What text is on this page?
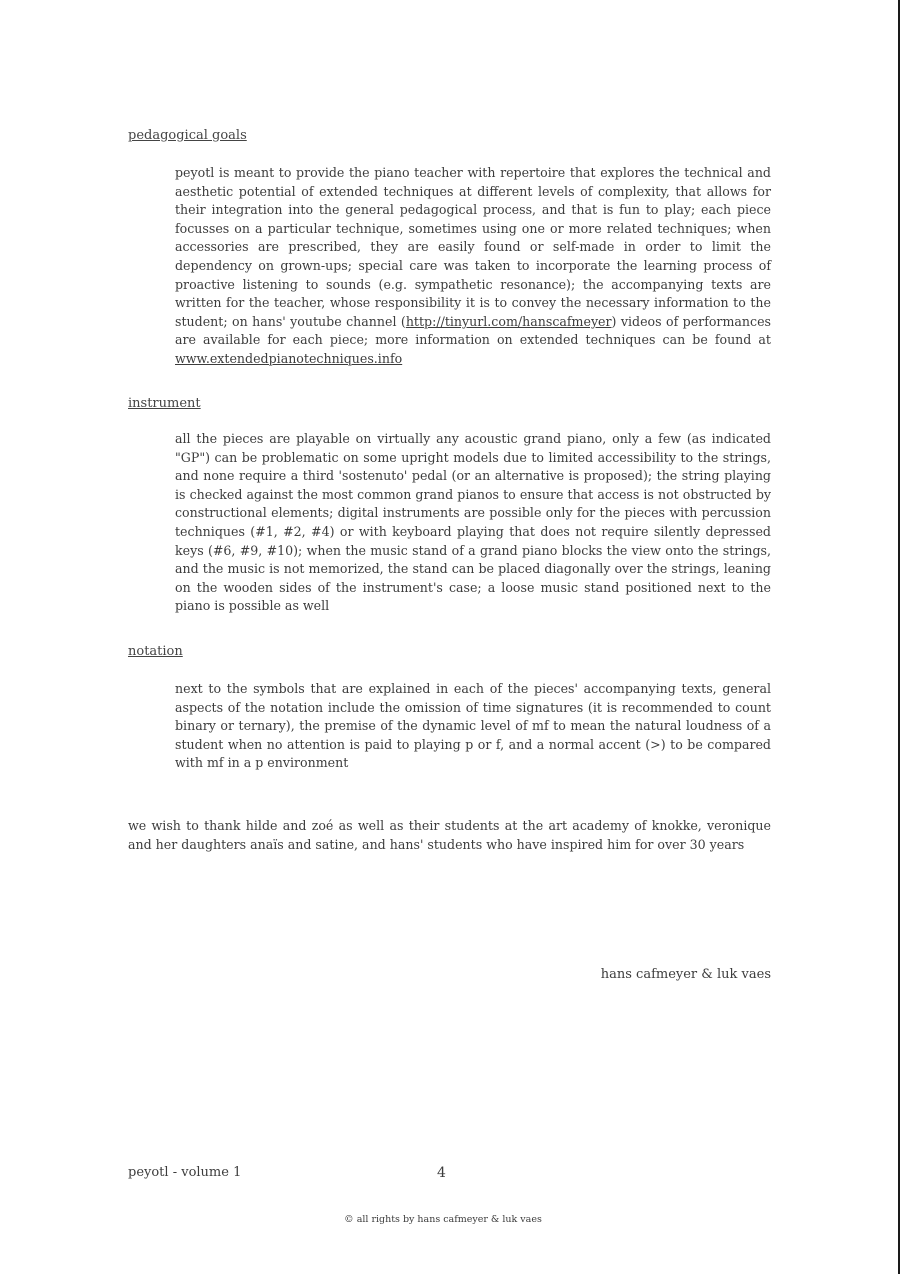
pedagogical goals

peyotl is meant to provide the piano teacher with repertoire that explores the technical and aesthetic potential of extended techniques at different levels of complexity, that allows for their integration into the general pedagogical process, and that is fun to play; each piece focusses on a particular technique, sometimes using one or more related techniques; when accessories are prescribed, they are easily found or self-made in order to limit the dependency on grown-ups; special care was taken to incorporate the learning process of proactive listening to sounds (e.g. sympathetic resonance); the accompanying texts are written for the teacher, whose responsibility it is to convey the necessary information to the student; on hans' youtube channel (http://tinyurl.com/hanscafmeyer) videos of performances are available for each piece; more information on extended techniques can be found at www.extendedpianotechniques.info

instrument

all the pieces are playable on virtually any acoustic grand piano, only a few (as indicated "GP") can be problematic on some upright models due to limited accessibility to the strings, and none require a third 'sostenuto' pedal (or an alternative is proposed); the string playing is checked against the most common grand pianos to ensure that access is not obstructed by constructional elements; digital instruments are possible only for the pieces with percussion techniques (#1, #2, #4) or with keyboard playing that does not require silently depressed keys (#6, #9, #10); when the music stand of a grand piano blocks the view onto the strings, and the music is not memorized, the stand can be placed diagonally over the strings, leaning on the wooden sides of the instrument's case; a loose music stand positioned next to the piano is possible as well

notation

next to the symbols that are explained in each of the pieces' accompanying texts, general aspects of the notation include the omission of time signatures (it is recommended to count binary or ternary), the premise of the dynamic level of mf to mean the natural loudness of a student when no attention is paid to playing p or f, and a normal accent (>) to be compared with mf in a p environment

we wish to thank hilde and zoé as well as their students at the art academy of knokke, veronique and her daughters anaïs and satine, and hans' students who have inspired him for over 30 years

hans cafmeyer & luk vaes

peyotl - volume 1	4
© all rights by hans cafmeyer & luk vaes
